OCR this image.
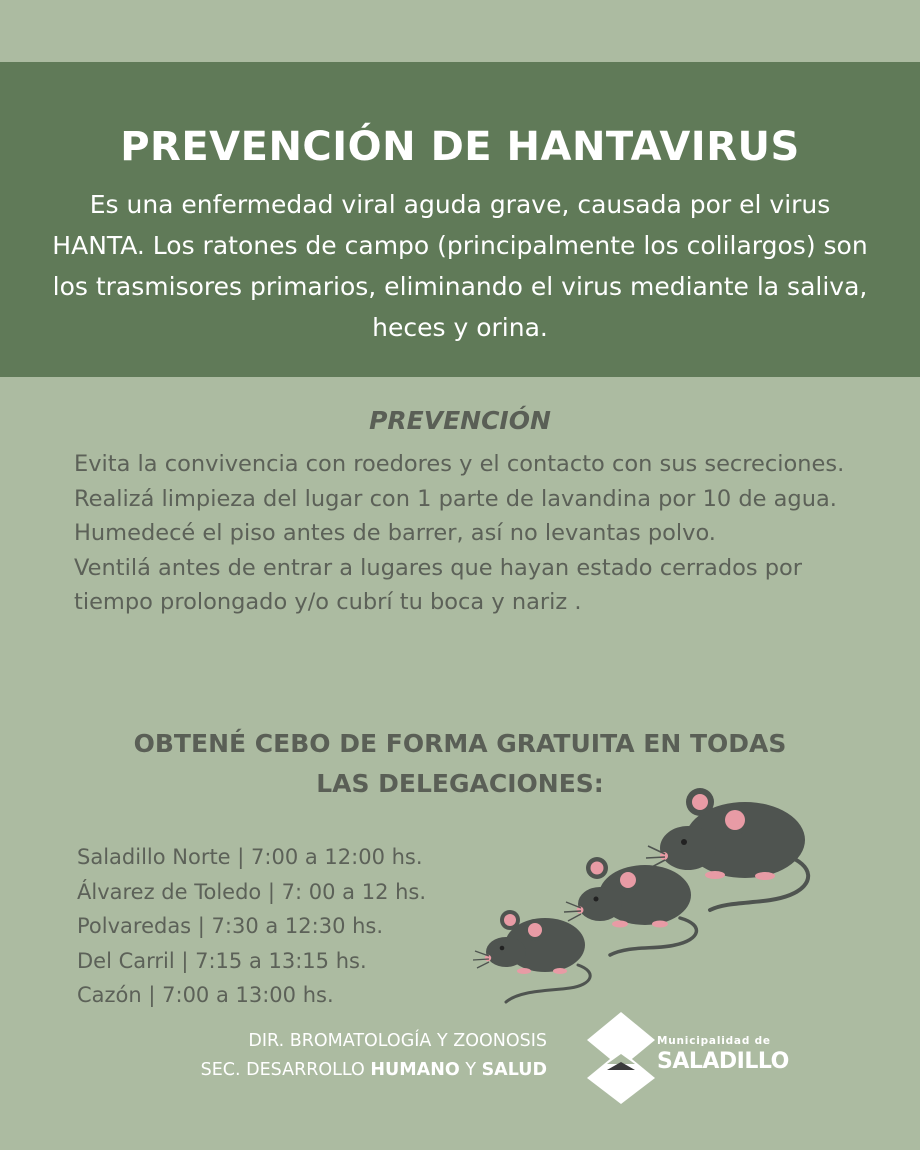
PREVENCIÓN DE HANTAVIRUS

Es una enfermedad viral aguda grave, causada por el virus HANTA. Los ratones de campo (principalmente los colilargos) son los trasmisores primarios, eliminando el virus mediante la saliva, heces y orina.

PREVENCIÓN
Evita la convivencia con roedores y el contacto con sus secreciones.
Realizá limpieza del lugar con 1 parte de lavandina por 10 de agua.
Humedecé el piso antes de barrer, así no levantas polvo.
Ventilá antes de entrar a lugares que hayan estado cerrados por tiempo prolongado y/o cubrí tu boca y nariz .
OBTENÉ CEBO DE FORMA GRATUITA EN TODAS
LAS DELEGACIONES:
Saladillo Norte | 7:00 a 12:00 hs.
Álvarez de Toledo | 7: 00 a 12 hs.
Polvaredas | 7:30 a 12:30 hs.
Del Carril | 7:15 a 13:15 hs.
Cazón | 7:00 a 13:00 hs.
DIR. BROMATOLOGÍA Y ZOONOSIS
SEC. DESARROLLO HUMANO Y SALUD
Municipalidad de
SALADILLO
